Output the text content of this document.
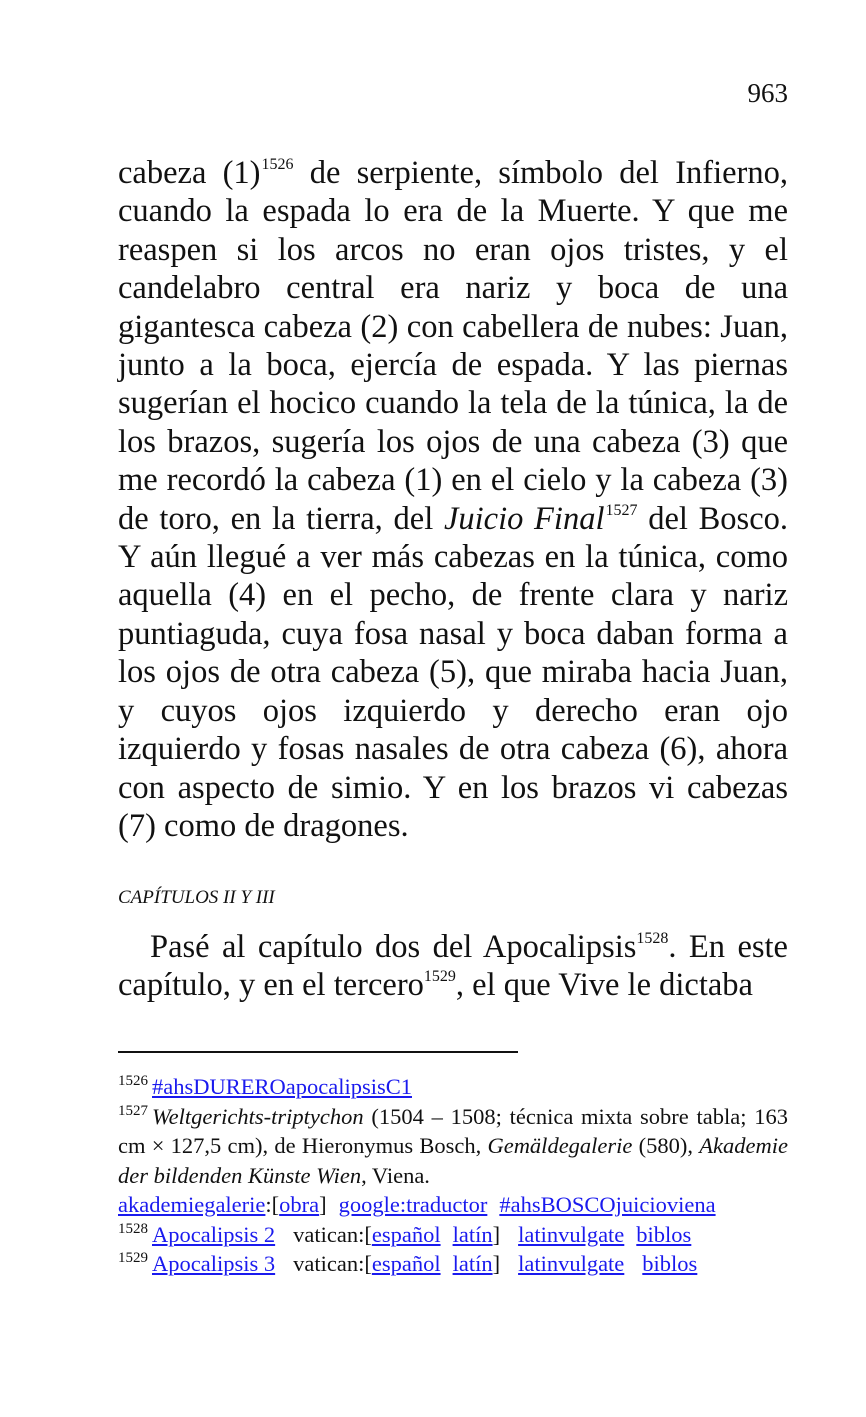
963

cabeza $(1)^{1526}$ de serpiente, símbolo del Infierno, cuando la espada lo era de la Muerte. Y que me reaspen si los arcos no eran ojos tristes, y el candelabro central era nariz y boca de una gigantesca cabeza (2) con cabellera de nubes: Juan, junto a la boca, ejercía de espada. Y las piernas sugerían el hocico cuando la tela de la túnica, la de los brazos, sugería los ojos de una cabeza (3) que me recordó la cabeza (1) en el cielo y la cabeza (3) de toro, en la tierra, del Juicio Final$^{1527}$ del Bosco. Y aún llegué a ver más cabezas en la túnica, como aquella (4) en el pecho, de frente clara y nariz puntiaguda, cuya fosa nasal y boca daban forma a los ojos de otra cabeza (5), que miraba hacia Juan, y cuyos ojos izquierdo y derecho eran ojo izquierdo y fosas nasales de otra cabeza (6), ahora con aspecto de simio. Y en los brazos vi cabezas (7) como de dragones.

CAPÍTULOS II Y III

Pasé al capítulo dos del Apocalipsis$^{1528}$. En este capítulo, y en el tercero$^{1529}$, el que Vive le dictaba

$^{1526}$ #ahsDUREROapocalipsisC1

$^{1527}$ Weltgerichts-triptychon (1504 – 1508; técnica mixta sobre tabla; 163 cm × 127,5 cm), de Hieronymus Bosch, Gemäldegalerie (580), Akademie der bildenden Künste Wien, Viena.

akademiegalerie:[obra] google:traductor #ahsBOSCOjuicioviena

$^{1528}$ Apocalipsis 2 vatican:[español latín] latinvulgate biblos

$^{1529}$ Apocalipsis 3 vatican:[español latín] latinvulgate biblos
